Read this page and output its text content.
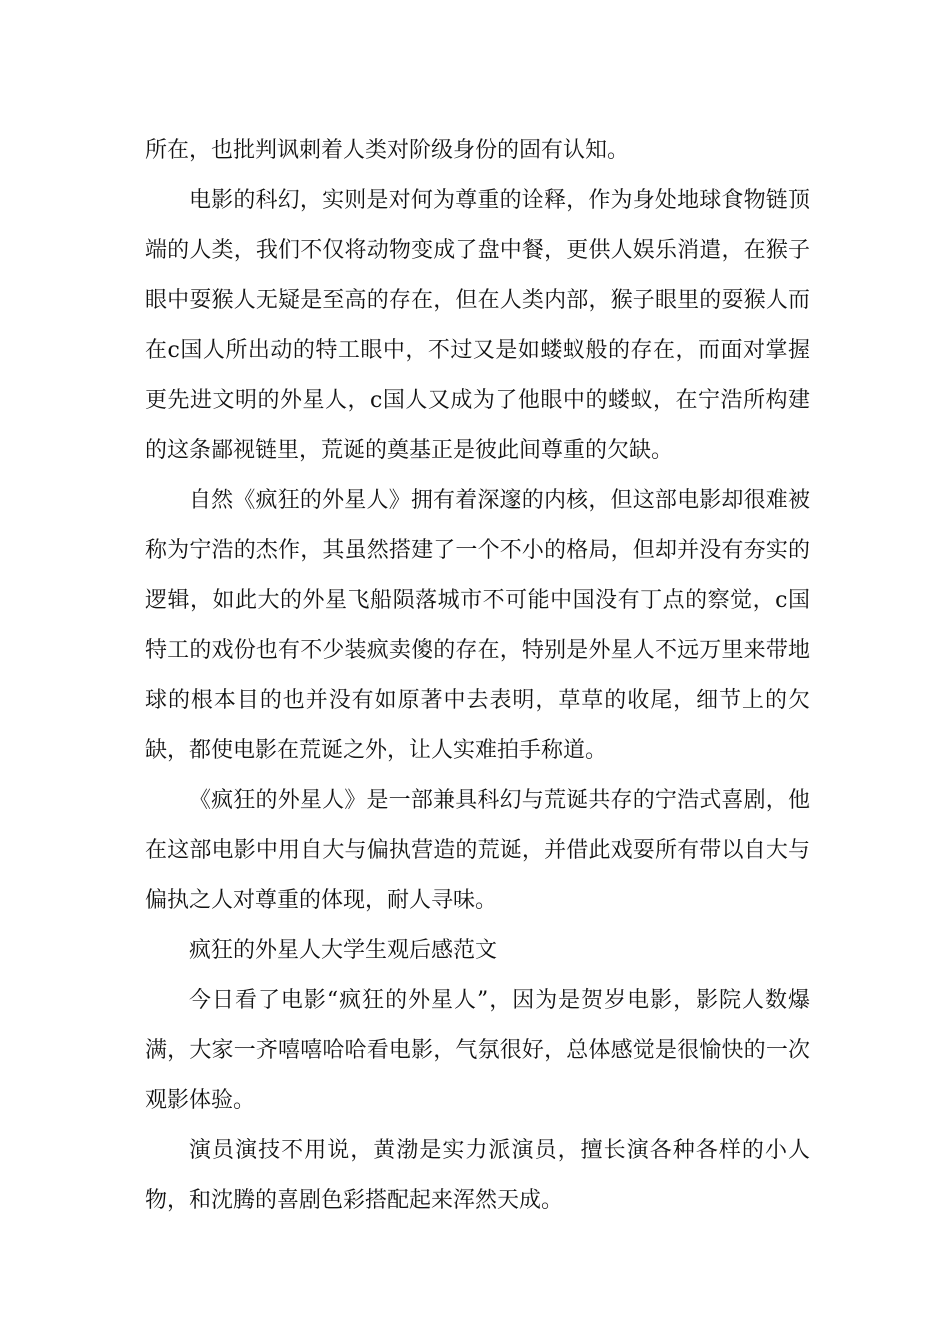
所在，也批判讽刺着人类对阶级身份的固有认知。

电影的科幻，实则是对何为尊重的诠释，作为身处地球食物链顶端的人类，我们不仅将动物变成了盘中餐，更供人娱乐消遣，在猴子眼中耍猴人无疑是至高的存在，但在人类内部，猴子眼里的耍猴人而在c国人所出动的特工眼中，不过又是如蝼蚁般的存在，而面对掌握更先进文明的外星人，c国人又成为了他眼中的蝼蚁，在宁浩所构建的这条鄙视链里，荒诞的奠基正是彼此间尊重的欠缺。

自然《疯狂的外星人》拥有着深邃的内核，但这部电影却很难被称为宁浩的杰作，其虽然搭建了一个不小的格局，但却并没有夯实的逻辑，如此大的外星飞船陨落城市不可能中国没有丁点的察觉，c国特工的戏份也有不少装疯卖傻的存在，特别是外星人不远万里来带地球的根本目的也并没有如原著中去表明，草草的收尾，细节上的欠缺，都使电影在荒诞之外，让人实难拍手称道。

《疯狂的外星人》是一部兼具科幻与荒诞共存的宁浩式喜剧，他在这部电影中用自大与偏执营造的荒诞，并借此戏耍所有带以自大与偏执之人对尊重的体现，耐人寻味。

疯狂的外星人大学生观后感范文

今日看了电影“疯狂的外星人”，因为是贺岁电影，影院人数爆满，大家一齐嘻嘻哈哈看电影，气氛很好，总体感觉是很愉快的一次观影体验。

演员演技不用说，黄渤是实力派演员，擅长演各种各样的小人物，和沈腾的喜剧色彩搭配起来浑然天成。
